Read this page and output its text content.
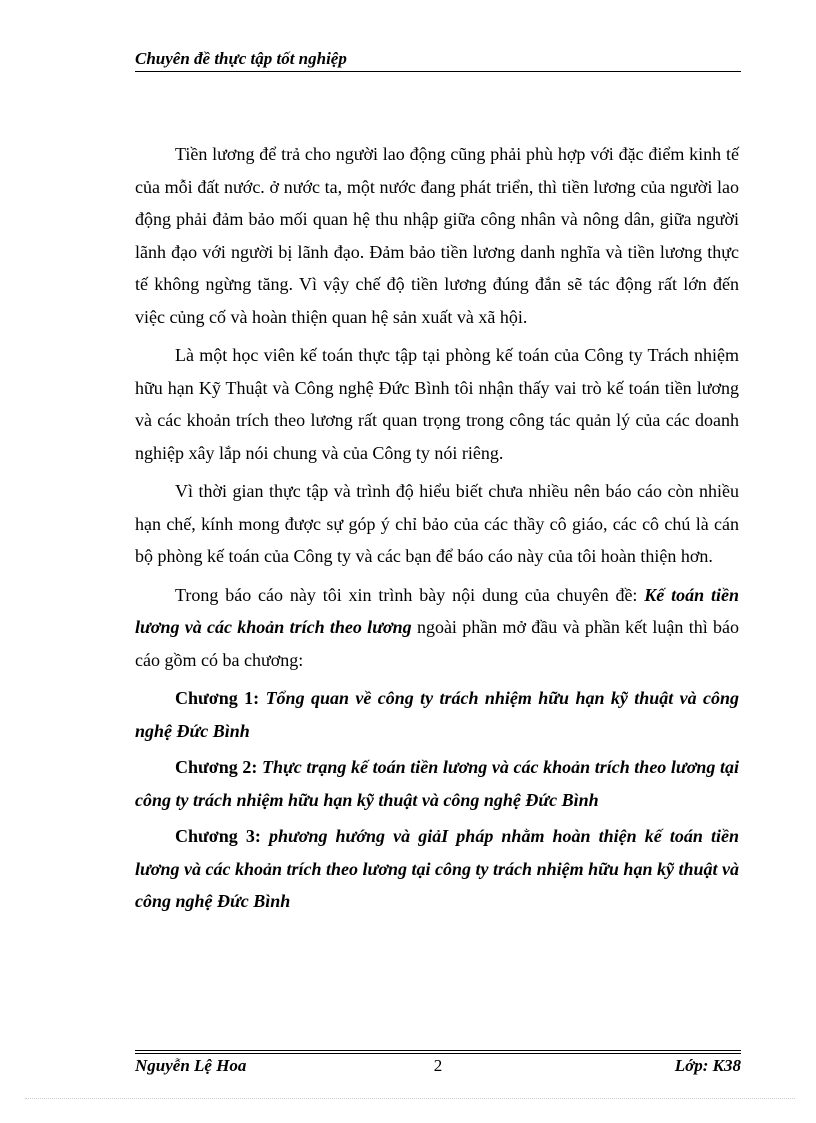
Chuyên đề thực tập tốt nghiệp

Tiền lương để trả cho người lao động cũng phải phù hợp với đặc điểm kinh tế của mỗi đất nước. ở nước ta, một nước đang phát triển, thì tiền lương của người lao động phải đảm bảo mối quan hệ thu nhập giữa công nhân và nông dân, giữa người lãnh đạo với người bị lãnh đạo. Đảm bảo tiền lương danh nghĩa và tiền lương thực tế không ngừng tăng. Vì vậy chế độ tiền lương đúng đắn sẽ tác động rất lớn đến việc củng cố và hoàn thiện quan hệ sản xuất và xã hội.

Là một học viên kế toán thực tập tại phòng kế toán của Công ty Trách nhiệm hữu hạn Kỹ Thuật và Công nghệ Đức Bình tôi nhận thấy vai trò kế toán tiền lương và các khoản trích theo lương rất quan trọng trong công tác quản lý của các doanh nghiệp xây lắp nói chung và của Công ty nói riêng.

Vì thời gian thực tập và trình độ hiểu biết chưa nhiều nên báo cáo còn nhiều hạn chế, kính mong được sự góp ý chỉ bảo của các thầy cô giáo, các cô chú là cán bộ phòng kế toán của Công ty và các bạn để báo cáo này của tôi hoàn thiện hơn.

Trong báo cáo này tôi xin trình bày nội dung của chuyên đề: Kế toán tiền lương và các khoản trích theo lương ngoài phần mở đầu và phần kết luận thì báo cáo gồm có ba chương:

Chương 1: Tổng quan về công ty trách nhiệm hữu hạn kỹ thuật và công nghệ Đức Bình

Chương 2: Thực trạng kế toán tiền lương và các khoản trích theo lương tại công ty trách nhiệm hữu hạn kỹ thuật và công nghệ Đức Bình

Chương 3: phương hướng và giảI pháp nhằm hoàn thiện kế toán tiền lương và các khoản trích theo lương tại công ty trách nhiệm hữu hạn kỹ thuật và công nghệ Đức Bình

Nguyễn Lệ Hoa	2	Lớp: K38
